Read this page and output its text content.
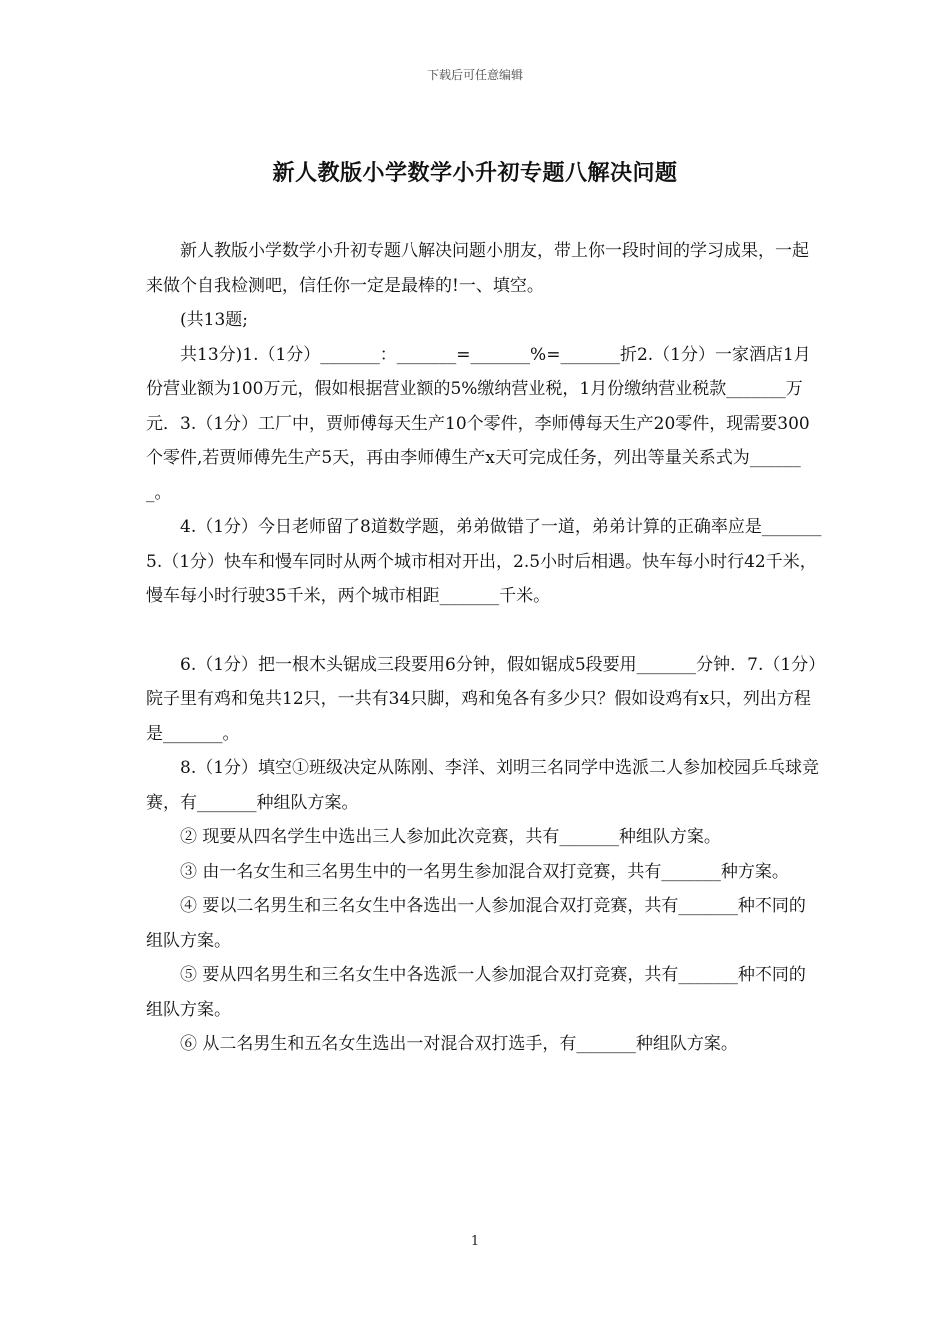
下载后可任意编辑
新人教版小学数学小升初专题八解决问题

新人教版小学数学小升初专题八解决问题小朋友，带上你一段时间的学习成果，一起来做个自我检测吧，信任你一定是最棒的!一、填空。

(共13题;

共13分)1.（1分）_______：_______=_______%=_______折2.（1分）一家酒店1月份营业额为100万元，假如根据营业额的5%缴纳营业税，1月份缴纳营业税款_______万元．3.（1分）工厂中，贾师傅每天生产10个零件，李师傅每天生产20零件，现需要300个零件,若贾师傅先生产5天，再由李师傅生产x天可完成任务，列出等量关系式为_______。

4.（1分）今日老师留了8道数学题，弟弟做错了一道，弟弟计算的正确率应是_______5.（1分）快车和慢车同时从两个城市相对开出，2.5小时后相遇。快车每小时行42千米，慢车每小时行驶35千米，两个城市相距_______千米。

6.（1分）把一根木头锯成三段要用6分钟，假如锯成5段要用_______分钟．7.（1分）院子里有鸡和兔共12只，一共有34只脚，鸡和兔各有多少只？假如设鸡有x只，列出方程是_______。

8.（1分）填空①班级决定从陈刚、李洋、刘明三名同学中选派二人参加校园乒乓球竞赛，有_______种组队方案。

② 现要从四名学生中选出三人参加此次竞赛，共有_______种组队方案。

③ 由一名女生和三名男生中的一名男生参加混合双打竞赛，共有_______种方案。

④ 要以二名男生和三名女生中各选出一人参加混合双打竞赛，共有_______种不同的组队方案。

⑤ 要从四名男生和三名女生中各选派一人参加混合双打竞赛，共有_______种不同的组队方案。

⑥ 从二名男生和五名女生选出一对混合双打选手，有_______种组队方案。

1
